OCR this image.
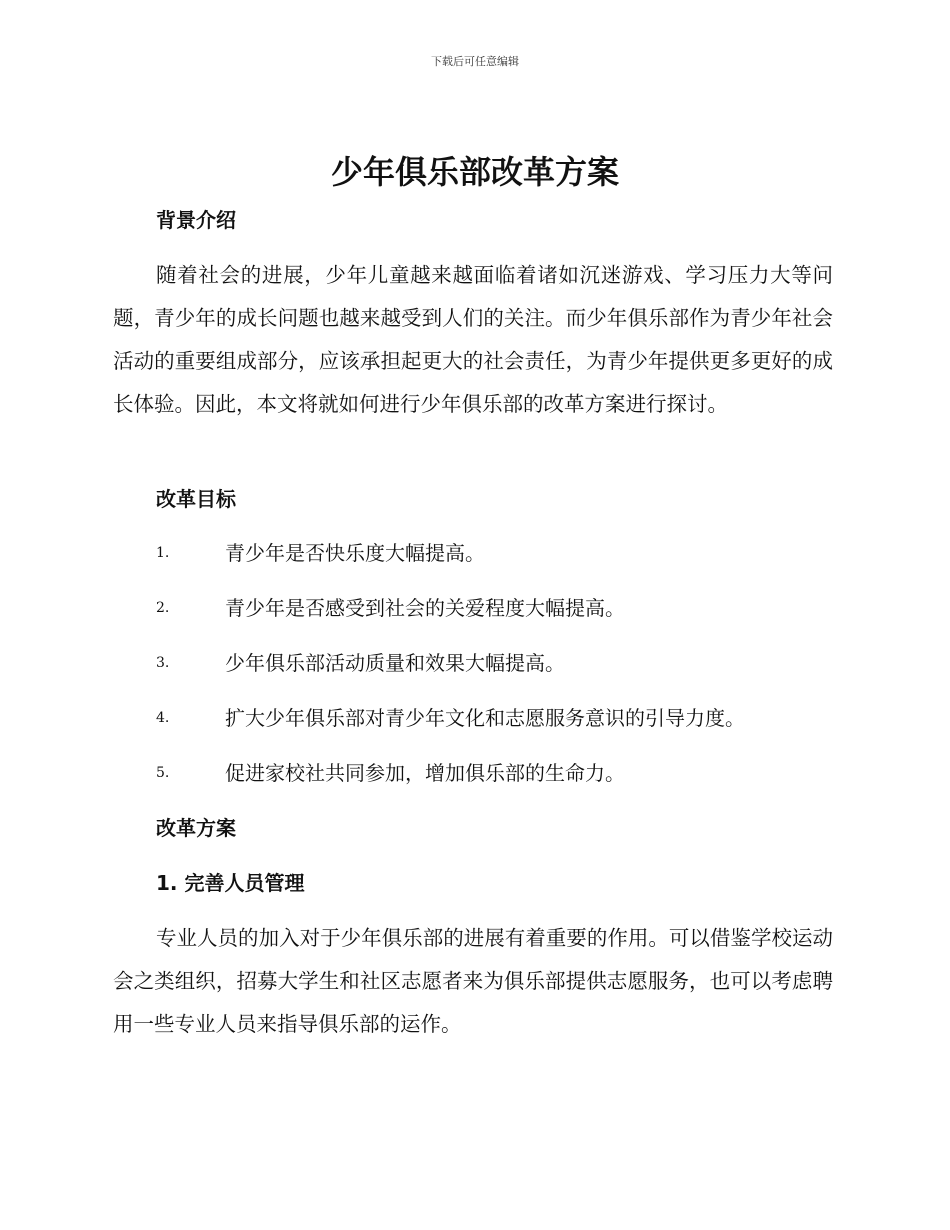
下载后可任意编辑
少年俱乐部改革方案
背景介绍

随着社会的进展，少年儿童越来越面临着诸如沉迷游戏、学习压力大等问题，青少年的成长问题也越来越受到人们的关注。而少年俱乐部作为青少年社会活动的重要组成部分，应该承担起更大的社会责任，为青少年提供更多更好的成长体验。因此，本文将就如何进行少年俱乐部的改革方案进行探讨。

改革目标
1.	青少年是否快乐度大幅提高。
2.	青少年是否感受到社会的关爱程度大幅提高。
3.	少年俱乐部活动质量和效果大幅提高。
4.	扩大少年俱乐部对青少年文化和志愿服务意识的引导力度。
5.	促进家校社共同参加，增加俱乐部的生命力。
改革方案
1. 完善人员管理

专业人员的加入对于少年俱乐部的进展有着重要的作用。可以借鉴学校运动会之类组织，招募大学生和社区志愿者来为俱乐部提供志愿服务，也可以考虑聘用一些专业人员来指导俱乐部的运作。
